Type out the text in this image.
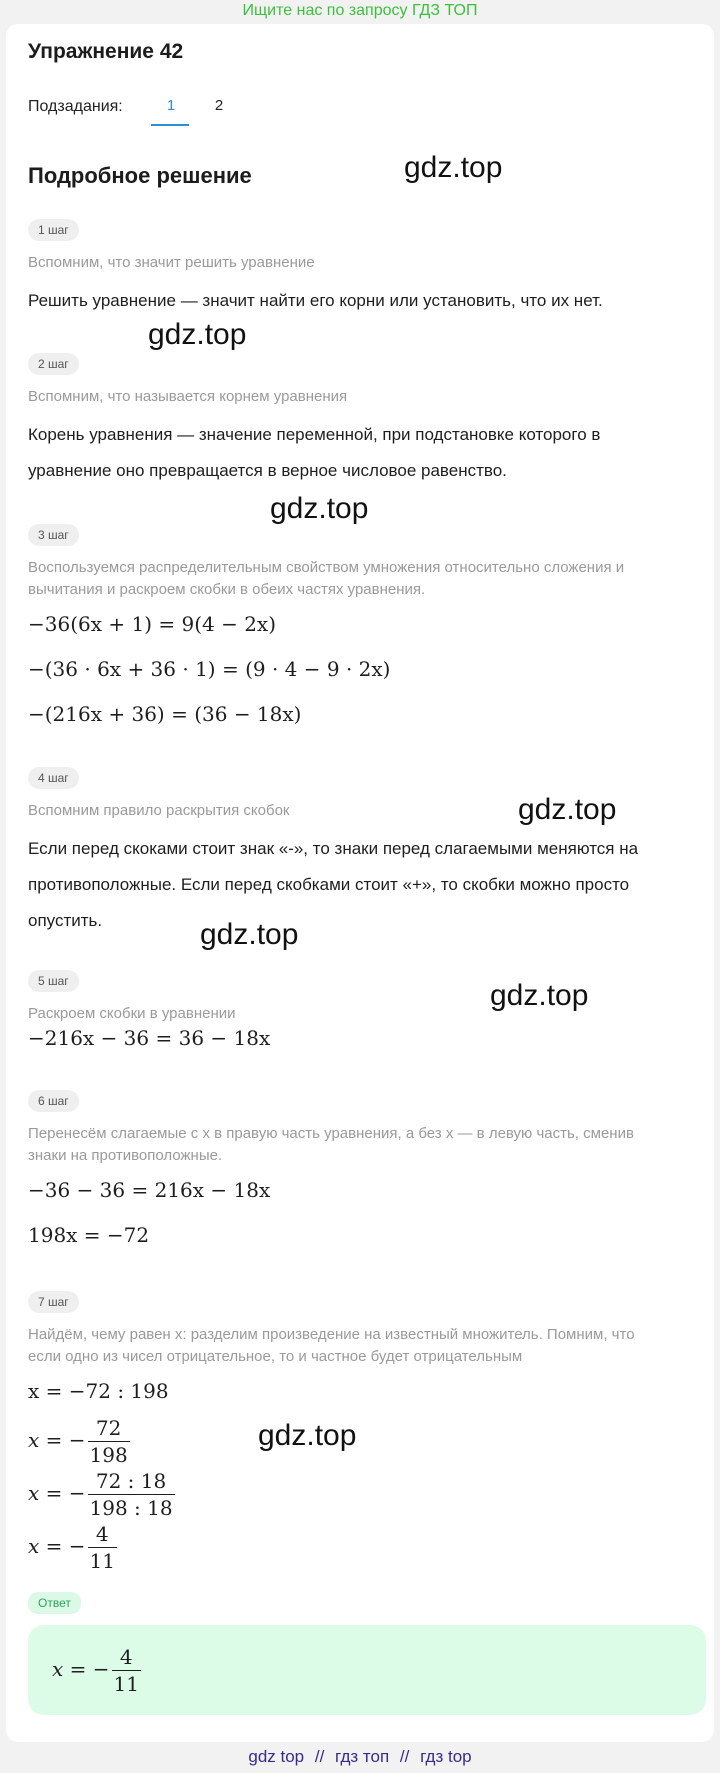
Ищите нас по запросу ГДЗ ТОП
Упражнение 42
Подзадания:	1	2
Подробное решение	gdz.top
gdz.top
gdz.top
gdz.top
gdz.top
gdz.top
gdz.top
1 шаг
Вспомним, что значит решить уравнение
Решить уравнение — значит найти его корни или установить, что их нет.
2 шаг
Вспомним, что называется корнем уравнения
Корень уравнения — значение переменной, при подстановке которого в
уравнение оно превращается в верное числовое равенство.
3 шаг
Воспользуемся распределительным свойством умножения относительно сложения и
вычитания и раскроем скобки в обеих частях уравнения.
−36(6x + 1) = 9(4 − 2x)
−(36 · 6x + 36 · 1) = (9 · 4 − 9 · 2x)
−(216x + 36) = (36 − 18x)
4 шаг
Вспомним правило раскрытия скобок
Если перед скоками стоит знак «-», то знаки перед слагаемыми меняются на
противоположные. Если перед скобками стоит «+», то скобки можно просто
опустить.
5 шаг
Раскроем скобки в уравнении
−216x − 36 = 36 − 18x
6 шаг
Перенесём слагаемые с x в правую часть уравнения, а без x — в левую часть, сменив
знаки на противоположные.
−36 − 36 = 216x − 18x
198x = −72
7 шаг
Найдём, чему равен x: разделим произведение на известный множитель. Помним, что
если одно из чисел отрицательное, то и частное будет отрицательным
x = −72 : 198
x = − $\frac{72}{198}$
x = − $\frac{72 : 18}{198 : 18}$
x = − $\frac{4}{11}$
Ответ
x = − $\frac{4}{11}$
gdz top // гдз топ // гдз top
